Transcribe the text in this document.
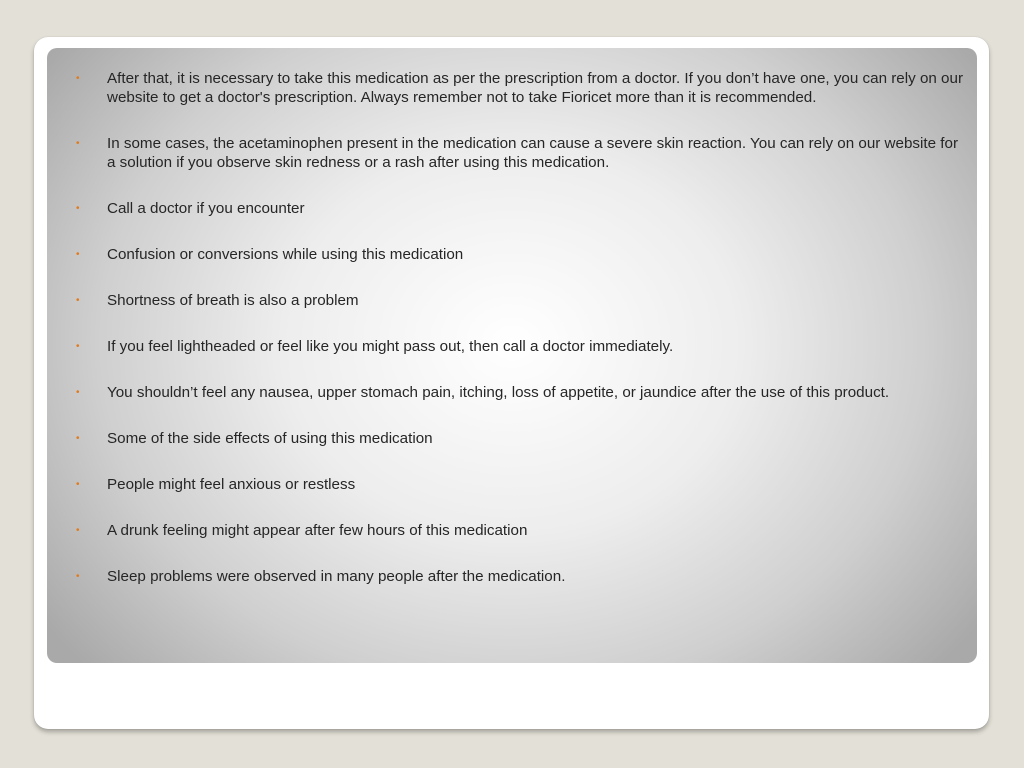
• After that, it is necessary to take this medication as per the prescription from a doctor. If you don’t have one, you can rely on our website to get a doctor's prescription. Always remember not to take Fioricet more than it is recommended.
• In some cases, the acetaminophen present in the medication can cause a severe skin reaction. You can rely on our website for a solution if you observe skin redness or a rash after using this medication.
• Call a doctor if you encounter
• Confusion or conversions while using this medication
• Shortness of breath is also a problem
• If you feel lightheaded or feel like you might pass out, then call a doctor immediately.
• You shouldn’t feel any nausea, upper stomach pain, itching, loss of appetite, or jaundice after the use of this product.
• Some of the side effects of using this medication
• People might feel anxious or restless
• A drunk feeling might appear after few hours of this medication
• Sleep problems were observed in many people after the medication.
